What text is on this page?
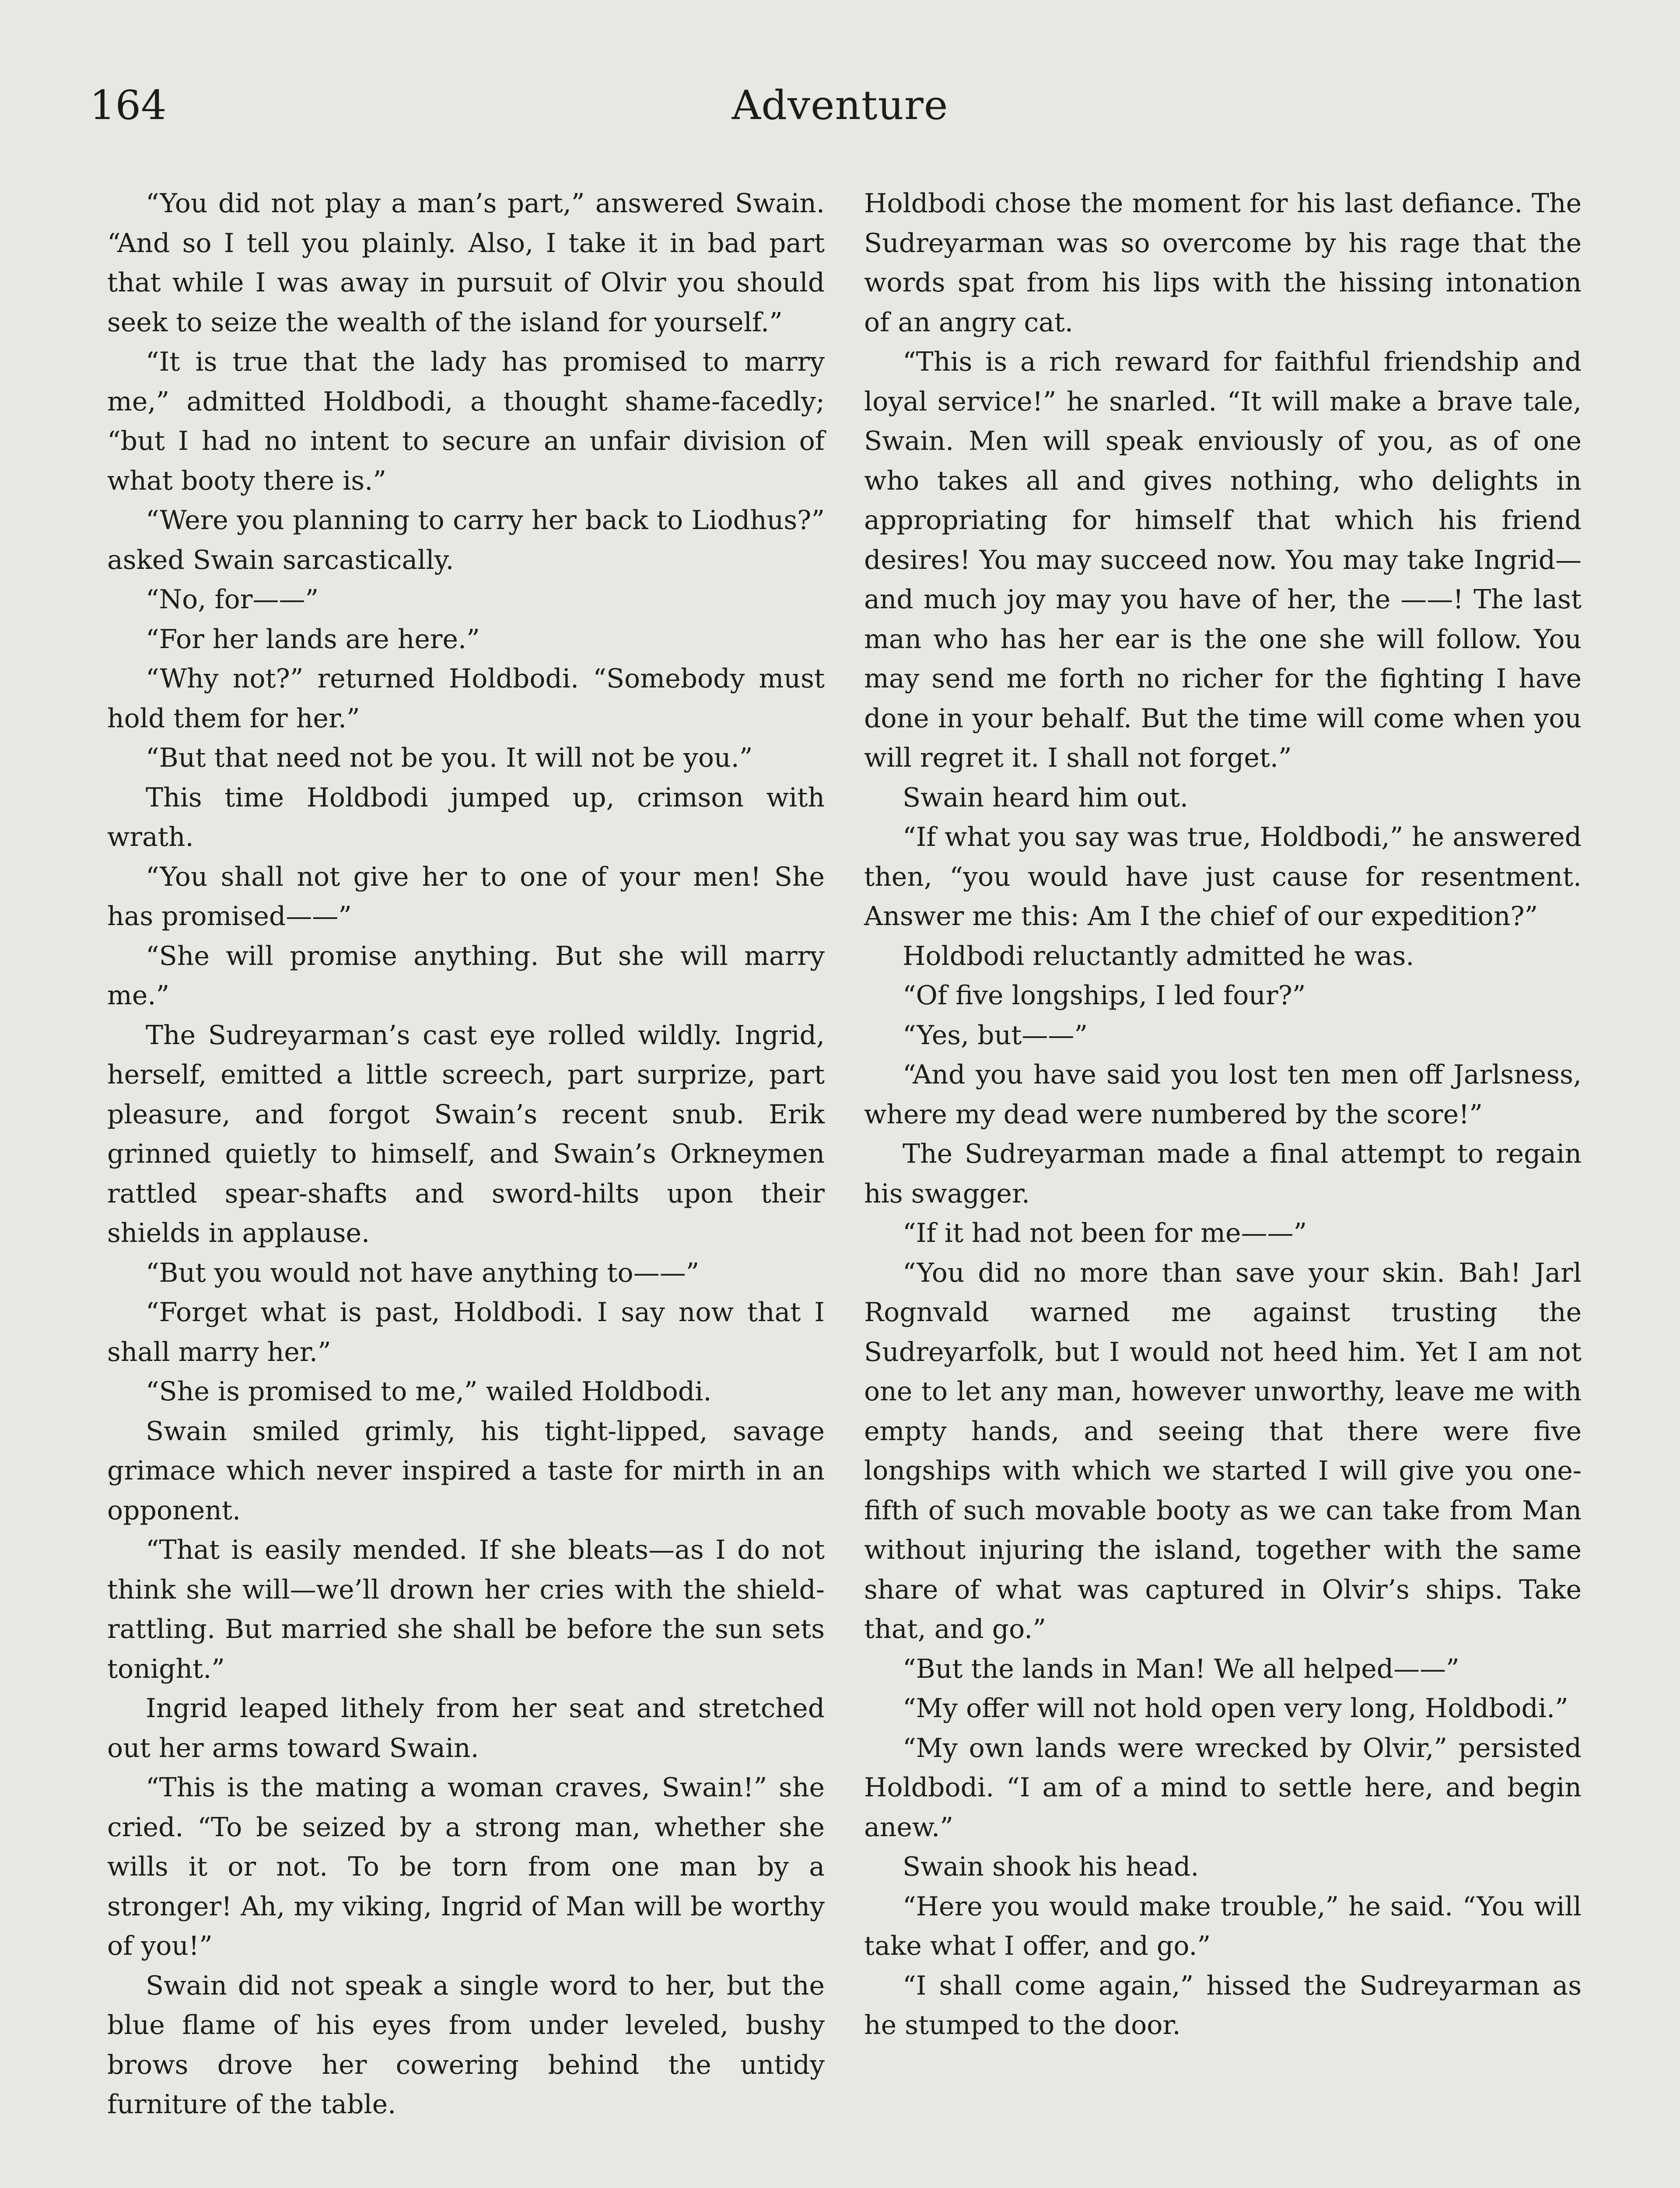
164	Adventure

“You did not play a man’s part,” answered Swain. “And so I tell you plainly. Also, I take it in bad part that while I was away in pursuit of Olvir you should seek to seize the wealth of the island for yourself.”

“It is true that the lady has promised to marry me,” admitted Holdbodi, a thought shame-facedly; “but I had no intent to secure an unfair division of what booty there is.”

“Were you planning to carry her back to Liodhus?” asked Swain sarcastically.

“No, for——”

“For her lands are here.”

“Why not?” returned Holdbodi. “Somebody must hold them for her.”

“But that need not be you. It will not be you.”

This time Holdbodi jumped up, crimson with wrath.

“You shall not give her to one of your men! She has promised——”

“She will promise anything. But she will marry me.”

The Sudreyarman’s cast eye rolled wildly. Ingrid, herself, emitted a little screech, part surprize, part pleasure, and forgot Swain’s recent snub. Erik grinned quietly to himself, and Swain’s Orkneymen rattled spear-shafts and sword-hilts upon their shields in applause.

“But you would not have anything to——”

“Forget what is past, Holdbodi. I say now that I shall marry her.”

“She is promised to me,” wailed Holdbodi.

Swain smiled grimly, his tight-lipped, savage grimace which never inspired a taste for mirth in an opponent.

“That is easily mended. If she bleats—as I do not think she will—we’ll drown her cries with the shield-rattling. But married she shall be before the sun sets tonight.”

Ingrid leaped lithely from her seat and stretched out her arms toward Swain.

“This is the mating a woman craves, Swain!” she cried. “To be seized by a strong man, whether she wills it or not. To be torn from one man by a stronger! Ah, my viking, Ingrid of Man will be worthy of you!”

Swain did not speak a single word to her, but the blue flame of his eyes from under leveled, bushy brows drove her cowering behind the untidy furniture of the table.

Holdbodi chose the moment for his last defiance. The Sudreyarman was so overcome by his rage that the words spat from his lips with the hissing intonation of an angry cat.

“This is a rich reward for faithful friendship and loyal service!” he snarled. “It will make a brave tale, Swain. Men will speak enviously of you, as of one who takes all and gives nothing, who delights in appropriating for himself that which his friend desires! You may succeed now. You may take Ingrid—and much joy may you have of her, the ——! The last man who has her ear is the one she will follow. You may send me forth no richer for the fighting I have done in your behalf. But the time will come when you will regret it. I shall not forget.”

Swain heard him out.

“If what you say was true, Holdbodi,” he answered then, “you would have just cause for resentment. Answer me this: Am I the chief of our expedition?”

Holdbodi reluctantly admitted he was.

“Of five longships, I led four?”

“Yes, but——”

“And you have said you lost ten men off Jarlsness, where my dead were numbered by the score!”

The Sudreyarman made a final attempt to regain his swagger.

“If it had not been for me——”

“You did no more than save your skin. Bah! Jarl Rognvald warned me against trusting the Sudreyarfolk, but I would not heed him. Yet I am not one to let any man, however unworthy, leave me with empty hands, and seeing that there were five longships with which we started I will give you one-fifth of such movable booty as we can take from Man without injuring the island, together with the same share of what was captured in Olvir’s ships. Take that, and go.”

“But the lands in Man! We all helped——”

“My offer will not hold open very long, Holdbodi.”

“My own lands were wrecked by Olvir,” persisted Holdbodi. “I am of a mind to settle here, and begin anew.”

Swain shook his head.

“Here you would make trouble,” he said. “You will take what I offer, and go.”

“I shall come again,” hissed the Sudreyarman as he stumped to the door.
